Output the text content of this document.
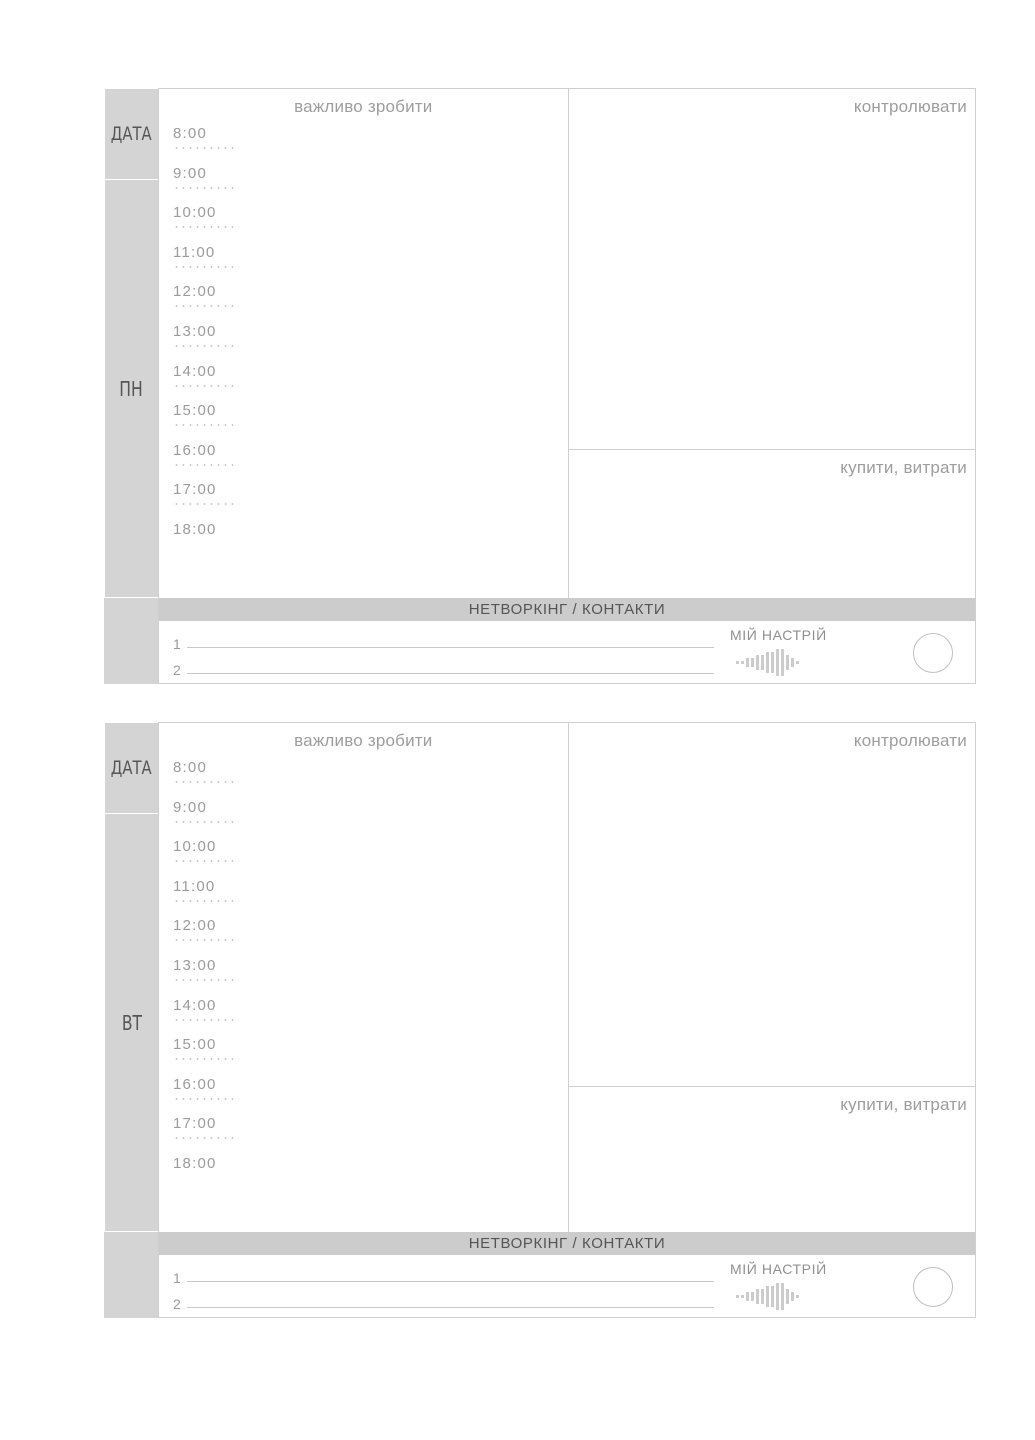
ДАТА
ПН
важливо зробити
8:00
9:00
10:00
11:00
12:00
13:00
14:00
15:00
16:00
17:00
18:00
контролювати
купити, витрати
НЕТВОРКІНГ / КОНТАКТИ
1
2
МІЙ НАСТРІЙ
ДАТА
ВТ
важливо зробити
8:00
9:00
10:00
11:00
12:00
13:00
14:00
15:00
16:00
17:00
18:00
контролювати
купити, витрати
НЕТВОРКІНГ / КОНТАКТИ
1
2
МІЙ НАСТРІЙ
